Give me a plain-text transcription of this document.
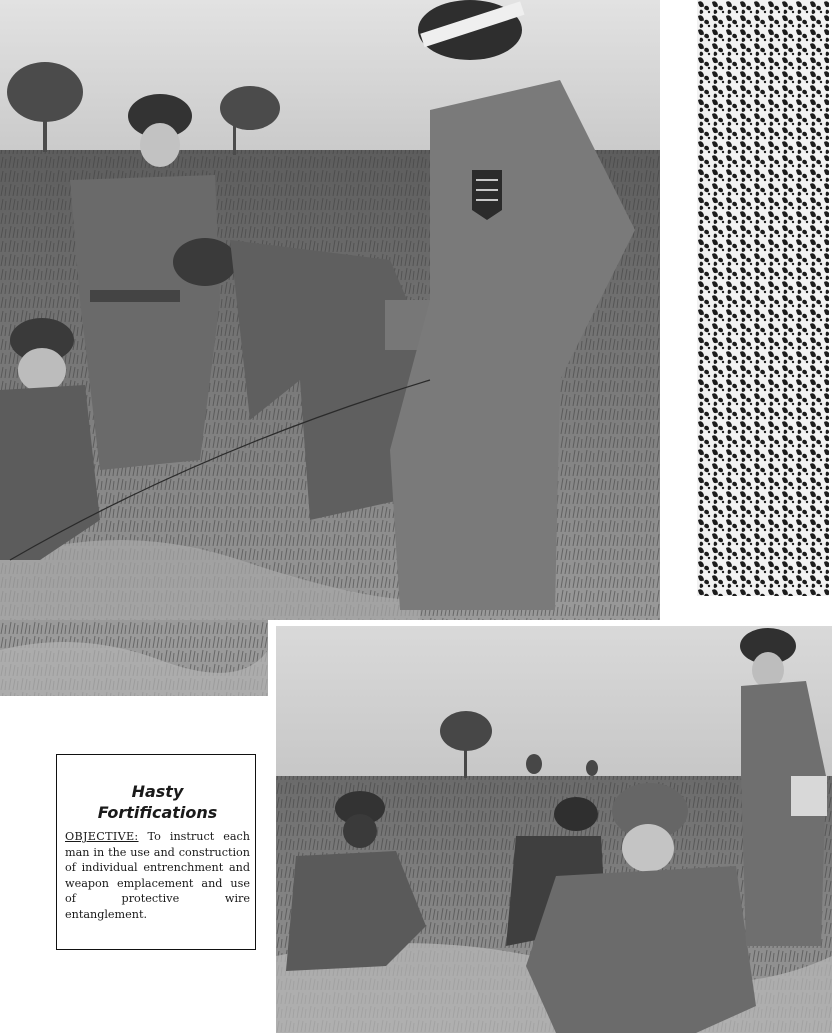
Hasty
Fortifications
OBJECTIVE: To instruct each man in the use and construction of individual entrenchment and weapon emplacement and use of protective wire entanglement.
